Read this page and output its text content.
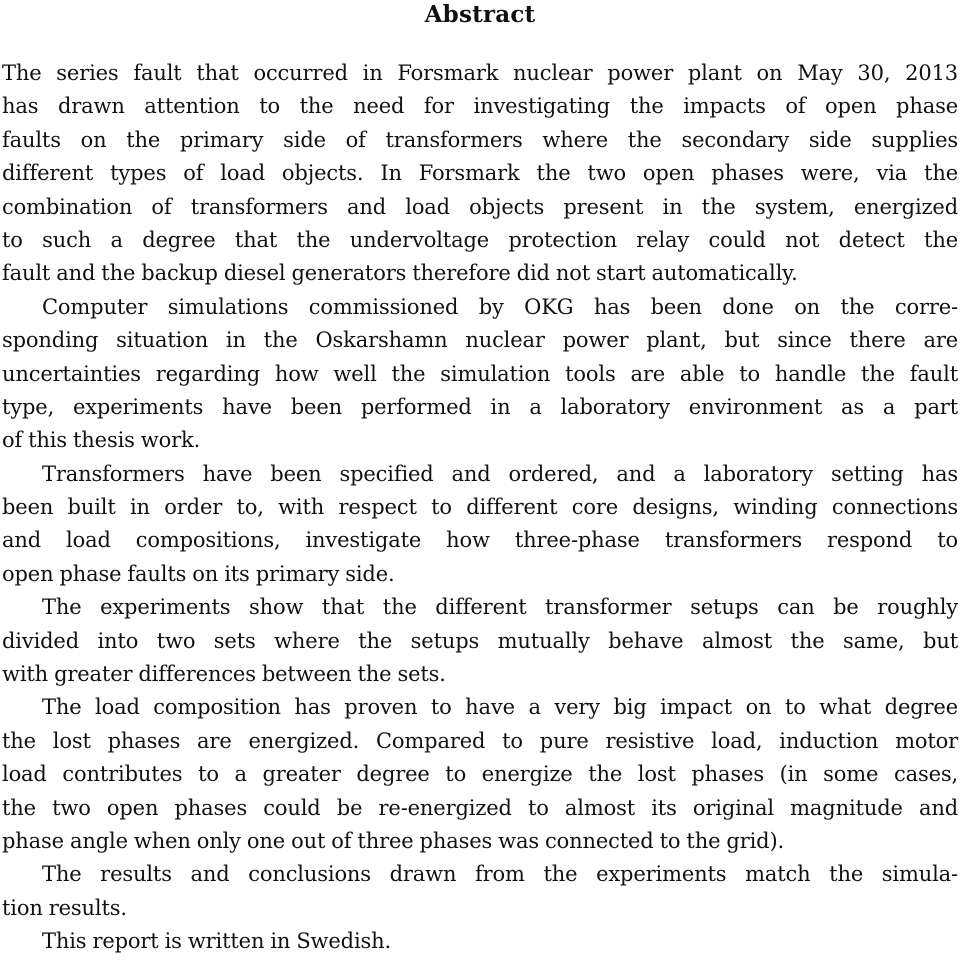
Abstract
The series fault that occurred in Forsmark nuclear power plant on May 30, 2013
has drawn attention to the need for investigating the impacts of open phase
faults on the primary side of transformers where the secondary side supplies
different types of load objects. In Forsmark the two open phases were, via the
combination of transformers and load objects present in the system, energized
to such a degree that the undervoltage protection relay could not detect the
fault and the backup diesel generators therefore did not start automatically.
Computer simulations commissioned by OKG has been done on the corre-
sponding situation in the Oskarshamn nuclear power plant, but since there are
uncertainties regarding how well the simulation tools are able to handle the fault
type, experiments have been performed in a laboratory environment as a part
of this thesis work.
Transformers have been specified and ordered, and a laboratory setting has
been built in order to, with respect to different core designs, winding connections
and load compositions, investigate how three-phase transformers respond to
open phase faults on its primary side.
The experiments show that the different transformer setups can be roughly
divided into two sets where the setups mutually behave almost the same, but
with greater differences between the sets.
The load composition has proven to have a very big impact on to what degree
the lost phases are energized. Compared to pure resistive load, induction motor
load contributes to a greater degree to energize the lost phases (in some cases,
the two open phases could be re-energized to almost its original magnitude and
phase angle when only one out of three phases was connected to the grid).
The results and conclusions drawn from the experiments match the simula-
tion results.
This report is written in Swedish.
